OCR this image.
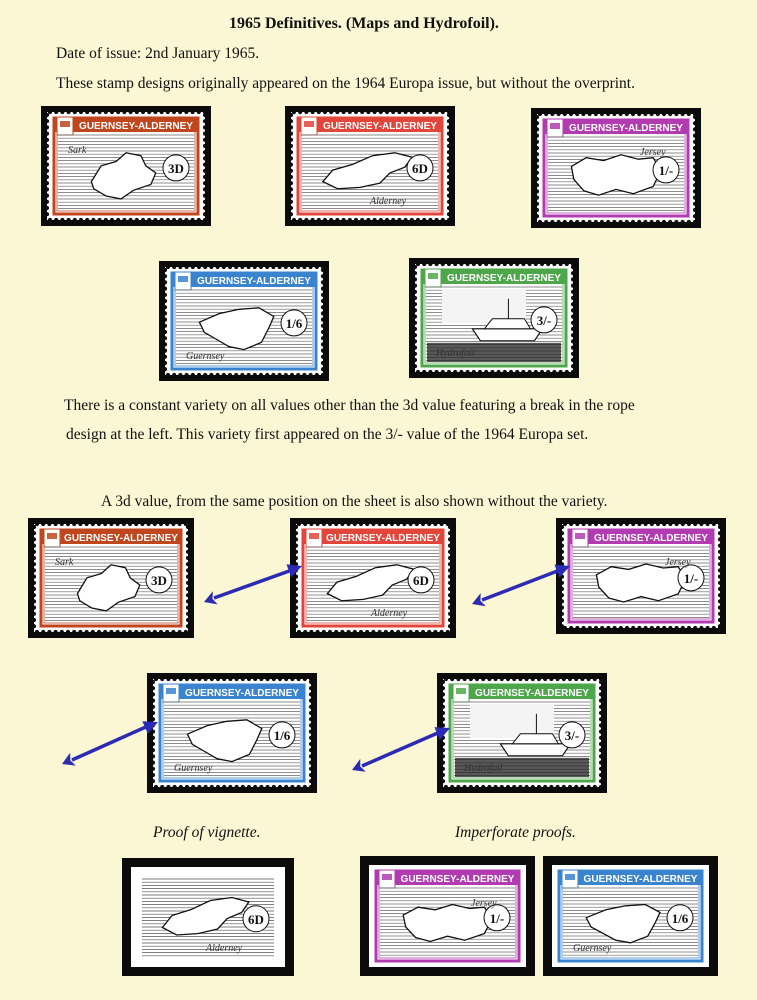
1965 Definitives. (Maps and Hydrofoil).
Date of issue: 2nd January 1965.
These stamp designs originally appeared on the 1964 Europa issue, but without the overprint.
There is a constant variety on all values other than the 3d value featuring a break in the rope
design at the left. This variety first appeared on the 3/- value of the 1964 Europa set.
A 3d value, from the same position on the sheet is also shown without the variety.
Proof of vignette.	Imperforate proofs.
GUERNSEY-ALDERNEY
3D
Sark
GUERNSEY-ALDERNEY
6D
Alderney
GUERNSEY-ALDERNEY
1/-
Jersey
GUERNSEY-ALDERNEY
1/6
Guernsey
GUERNSEY-ALDERNEY
3/-
Hydrofoil
GUERNSEY-ALDERNEY
3D
Sark
GUERNSEY-ALDERNEY
6D
Alderney
GUERNSEY-ALDERNEY
1/-
Jersey
GUERNSEY-ALDERNEY
1/6
Guernsey
GUERNSEY-ALDERNEY
3/-
Hydrofoil
6D
Alderney
GUERNSEY-ALDERNEY
1/-
Jersey
GUERNSEY-ALDERNEY
1/6
Guernsey
